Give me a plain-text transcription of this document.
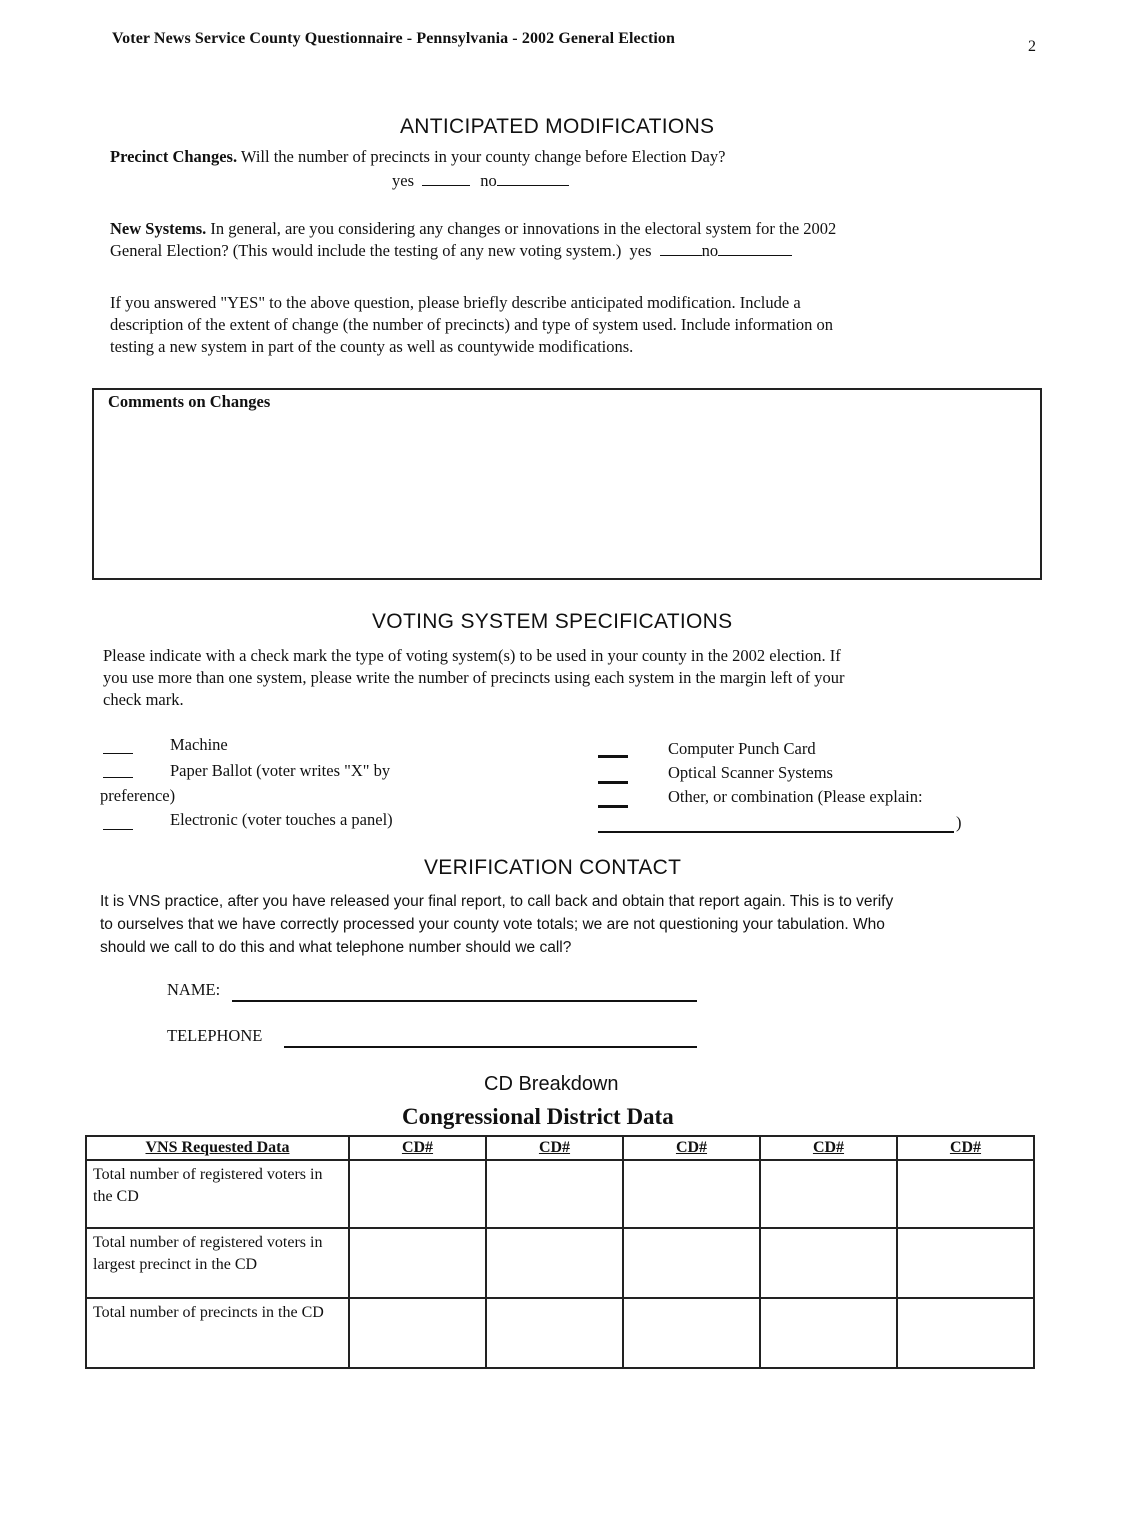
Voter News Service County Questionnaire - Pennsylvania - 2002 General Election	2
ANTICIPATED MODIFICATIONS
Precinct Changes. Will the number of precincts in your county change before Election Day?
yes	no
New Systems. In general, are you considering any changes or innovations in the electoral system for the 2002
General Election? (This would include the testing of any new voting system.) yes	no
If you answered "YES" to the above question, please briefly describe anticipated modification. Include a
description of the extent of change (the number of precincts) and type of system used. Include information on
testing a new system in part of the county as well as countywide modifications.
Comments on Changes
VOTING SYSTEM SPECIFICATIONS
Please indicate with a check mark the type of voting system(s) to be used in your county in the 2002 election. If
you use more than one system, please write the number of precincts using each system in the margin left of your
check mark.
Machine
Paper Ballot (voter writes "X" by
preference)
Electronic (voter touches a panel)
Computer Punch Card
Optical Scanner Systems
Other, or combination (Please explain:
)
VERIFICATION CONTACT
It is VNS practice, after you have released your final report, to call back and obtain that report again. This is to verify
to ourselves that we have correctly processed your county vote totals; we are not questioning your tabulation. Who
should we call to do this and what telephone number should we call?
NAME:
TELEPHONE
CD Breakdown
Congressional District Data
VNS Requested Data	CD#	CD#	CD#	CD#	CD#
Total number of registered voters in the CD					
Total number of registered voters in largest precinct in the CD					
Total number of precincts in the CD					
